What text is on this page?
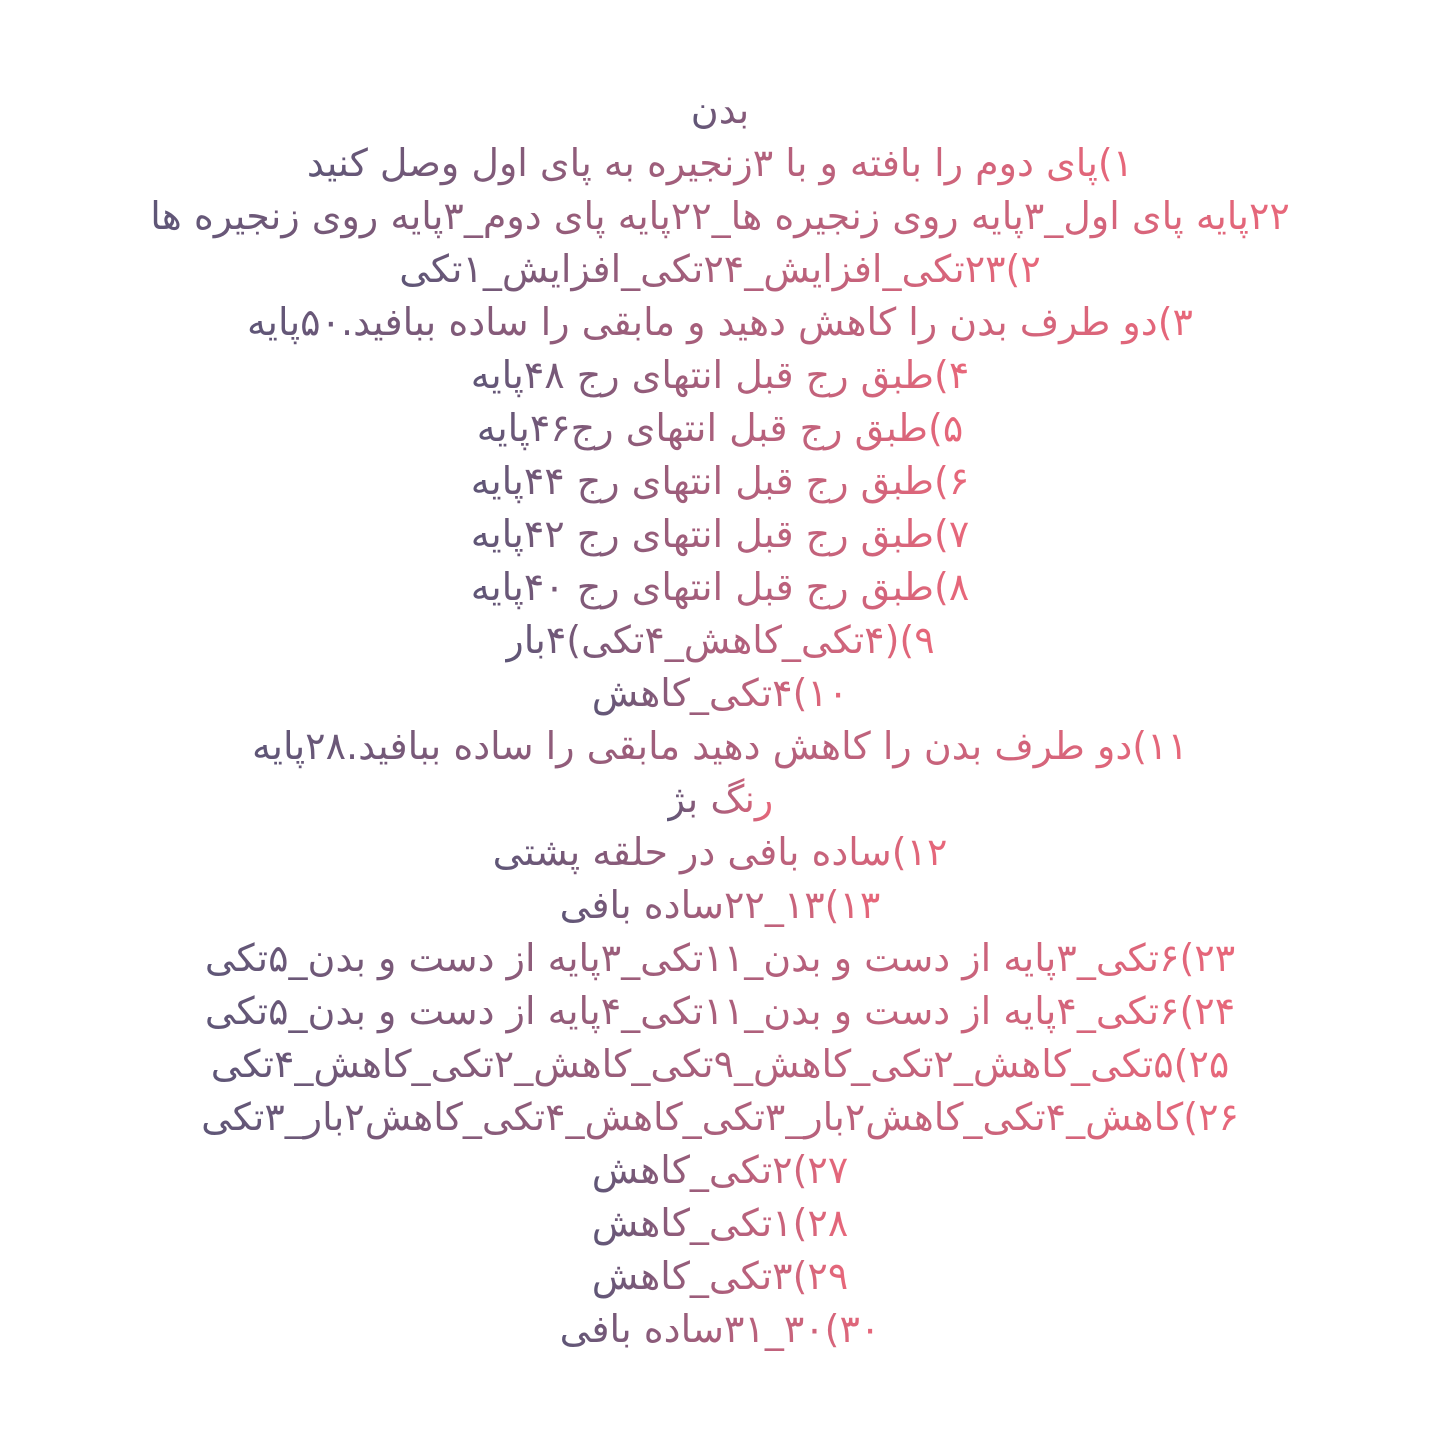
بدن
۱)پای دوم را بافته و با ۳زنجیره به پای اول وصل کنید
۲۲پایه پای اول_۳پایه روی زنجیره ها_۲۲پایه پای دوم_۳پایه روی زنجیره ها
۲)۲۳تکی_افزایش_۲۴تکی_افزایش_۱تکی
۳)دو طرف بدن را کاهش دهید و مابقی را ساده ببافید.۵۰پایه
۴)طبق رج قبل انتهای رج ۴۸پایه
۵)طبق رج قبل انتهای رج۴۶پایه
۶)طبق رج قبل انتهای رج ۴۴پایه
۷)طبق رج قبل انتهای رج ۴۲پایه
۸)طبق رج قبل انتهای رج ۴۰پایه
۹)(۴تکی_کاهش_۴تکی)۴بار
۱۰)۴تکی_کاهش
۱۱)دو طرف بدن را کاهش دهید مابقی را ساده ببافید.۲۸پایه
رنگ بژ
۱۲)ساده بافی در حلقه پشتی
۱۳)۱۳_۲۲ساده بافی
۲۳)۶تکی_۳پایه از دست و بدن_۱۱تکی_۳پایه از دست و بدن_۵تکی
۲۴)۶تکی_۴پایه از دست و بدن_۱۱تکی_۴پایه از دست و بدن_۵تکی
۲۵)۵تکی_کاهش_۲تکی_کاهش_۹تکی_کاهش_۲تکی_کاهش_۴تکی
۲۶)کاهش_۴تکی_کاهش۲بار_۳تکی_کاهش_۴تکی_کاهش۲بار_۳تکی
۲۷)۲تکی_کاهش
۲۸)۱تکی_کاهش
۲۹)۳تکی_کاهش
۳۰)۳۰_۳۱ساده بافی
